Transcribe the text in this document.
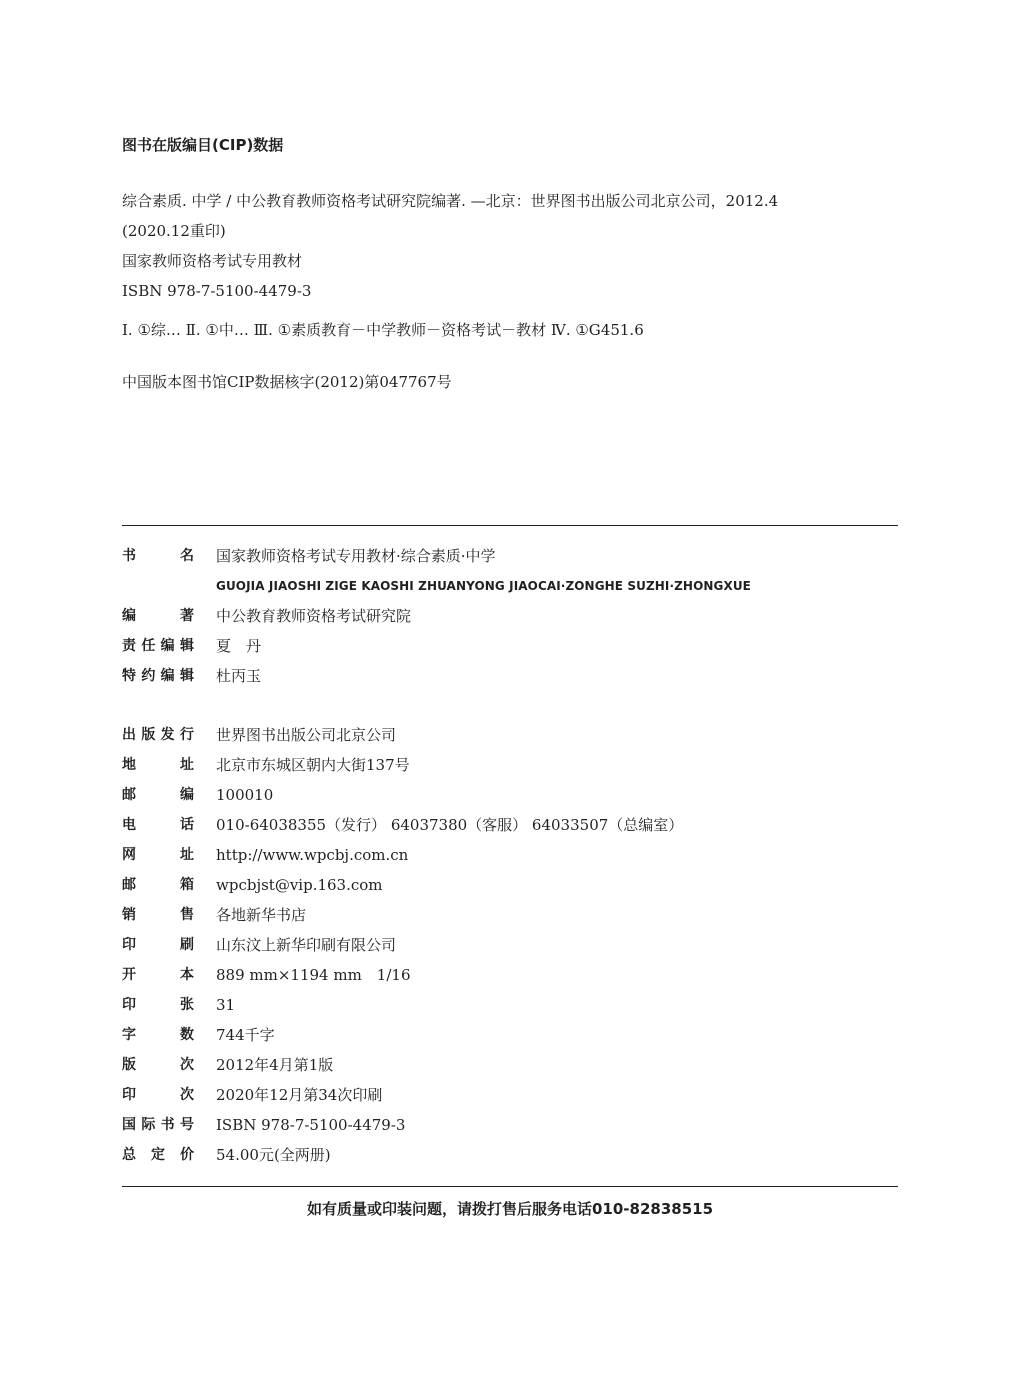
图书在版编目(CIP)数据
综合素质. 中学 / 中公教育教师资格考试研究院编著. —北京：世界图书出版公司北京公司，2012.4
(2020.12重印)
国家教师资格考试专用教材
ISBN 978-7-5100-4479-3
Ⅰ. ①综… Ⅱ. ①中… Ⅲ. ①素质教育－中学教师－资格考试－教材 Ⅳ. ①G451.6
中国版本图书馆CIP数据核字(2012)第047767号
书　　名 国家教师资格考试专用教材·综合素质·中学
GUOJIA JIAOSHI ZIGE KAOSHI ZHUANYONG JIAOCAI·ZONGHE SUZHI·ZHONGXUE
编　　著 中公教育教师资格考试研究院
责任编辑 夏　丹
特约编辑 杜丙玉
出版发行 世界图书出版公司北京公司
地　　址 北京市东城区朝内大街137号
邮　　编 100010
电　　话 010-64038355（发行） 64037380（客服） 64033507（总编室）
网　　址 http://www.wpcbj.com.cn
邮　　箱 wpcbjst@vip.163.com
销　　售 各地新华书店
印　　刷 山东汶上新华印刷有限公司
开　　本 889 mm×1194 mm　1/16
印　　张 31
字　　数 744千字
版　　次 2012年4月第1版
印　　次 2020年12月第34次印刷
国际书号 ISBN 978-7-5100-4479-3
总 定 价 54.00元(全两册)
如有质量或印装问题，请拨打售后服务电话010-82838515
